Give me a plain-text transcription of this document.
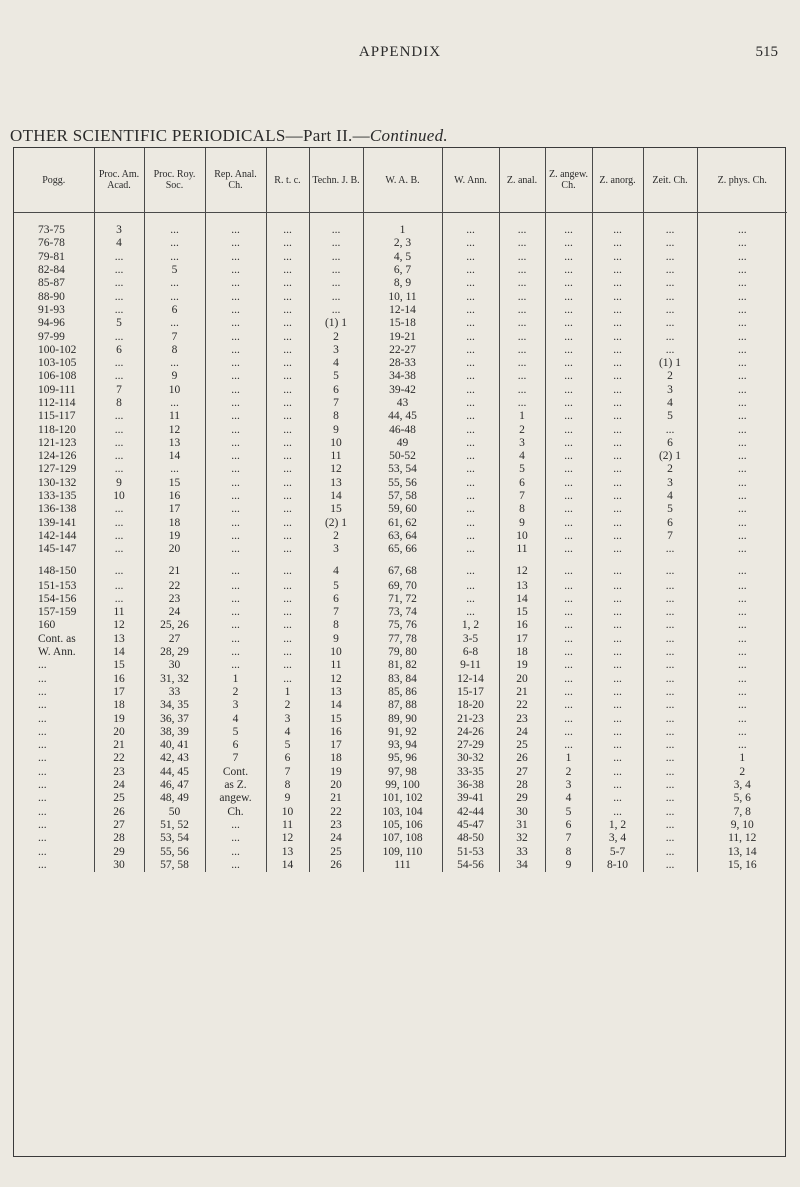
APPENDIX	515
OTHER SCIENTIFIC PERIODICALS—Part II.—Continued.
Pogg.	Proc. Am. Acad.	Proc. Roy. Soc.	Rep. Anal. Ch.	R. t. c.	Techn. J. B.	W. A. B.	W. Ann.	Z. anal.	Z. angew. Ch.	Z. anorg.	Zeit. Ch.	Z. phys. Ch.
73-75	3	...	...	...	...	1	...	...	...	...	...	...
76-78	4	...	...	...	...	2, 3	...	...	...	...	...	...
79-81	...	...	...	...	...	4, 5	...	...	...	...	...	...
82-84	...	5	...	...	...	6, 7	...	...	...	...	...	...
85-87	...	...	...	...	...	8, 9	...	...	...	...	...	...
88-90	...	...	...	...	...	10, 11	...	...	...	...	...	...
91-93	...	6	...	...	...	12-14	...	...	...	...	...	...
94-96	5	...	...	...	(1) 1	15-18	...	...	...	...	...	...
97-99	...	7	...	...	2	19-21	...	...	...	...	...	...
100-102	6	8	...	...	3	22-27	...	...	...	...	...	...
103-105	...	...	...	...	4	28-33	...	...	...	...	(1) 1	...
106-108	...	9	...	...	5	34-38	...	...	...	...	2	...
109-111	7	10	...	...	6	39-42	...	...	...	...	3	...
112-114	8	...	...	...	7	43	...	...	...	...	4	...
115-117	...	11	...	...	8	44, 45	...	1	...	...	5	...
118-120	...	12	...	...	9	46-48	...	2	...	...	...	...
121-123	...	13	...	...	10	49	...	3	...	...	6	...
124-126	...	14	...	...	11	50-52	...	4	...	...	(2) 1	...
127-129	...	...	...	...	12	53, 54	...	5	...	...	2	...
130-132	9	15	...	...	13	55, 56	...	6	...	...	3	...
133-135	10	16	...	...	14	57, 58	...	7	...	...	4	...
136-138	...	17	...	...	15	59, 60	...	8	...	...	5	...
139-141	...	18	...	...	(2) 1	61, 62	...	9	...	...	6	...
142-144	...	19	...	...	2	63, 64	...	10	...	...	7	...
145-147	...	20	...	...	3	65, 66	...	11	...	...	...	...
148-150	...	21	...	...	4	67, 68	...	12	...	...	...	...
151-153	...	22	...	...	5	69, 70	...	13	...	...	...	...
154-156	...	23	...	...	6	71, 72	...	14	...	...	...	...
157-159	11	24	...	...	7	73, 74	...	15	...	...	...	...
160	12	25, 26	...	...	8	75, 76	1, 2	16	...	...	...	...
Cont. as	13	27	...	...	9	77, 78	3-5	17	...	...	...	...
W. Ann.	14	28, 29	...	...	10	79, 80	6-8	18	...	...	...	...
...	15	30	...	...	11	81, 82	9-11	19	...	...	...	...
...	16	31, 32	1	...	12	83, 84	12-14	20	...	...	...	...
...	17	33	2	1	13	85, 86	15-17	21	...	...	...	...
...	18	34, 35	3	2	14	87, 88	18-20	22	...	...	...	...
...	19	36, 37	4	3	15	89, 90	21-23	23	...	...	...	...
...	20	38, 39	5	4	16	91, 92	24-26	24	...	...	...	...
...	21	40, 41	6	5	17	93, 94	27-29	25	...	...	...	...
...	22	42, 43	7	6	18	95, 96	30-32	26	1	...	...	1
...	23	44, 45	Cont.	7	19	97, 98	33-35	27	2	...	...	2
...	24	46, 47	as Z.	8	20	99, 100	36-38	28	3	...	...	3, 4
...	25	48, 49	angew.	9	21	101, 102	39-41	29	4	...	...	5, 6
...	26	50	Ch.	10	22	103, 104	42-44	30	5	...	...	7, 8
...	27	51, 52	...	11	23	105, 106	45-47	31	6	1, 2	...	9, 10
...	28	53, 54	...	12	24	107, 108	48-50	32	7	3, 4	...	11, 12
...	29	55, 56	...	13	25	109, 110	51-53	33	8	5-7	...	13, 14
...	30	57, 58	...	14	26	111	54-56	34	9	8-10	...	15, 16
